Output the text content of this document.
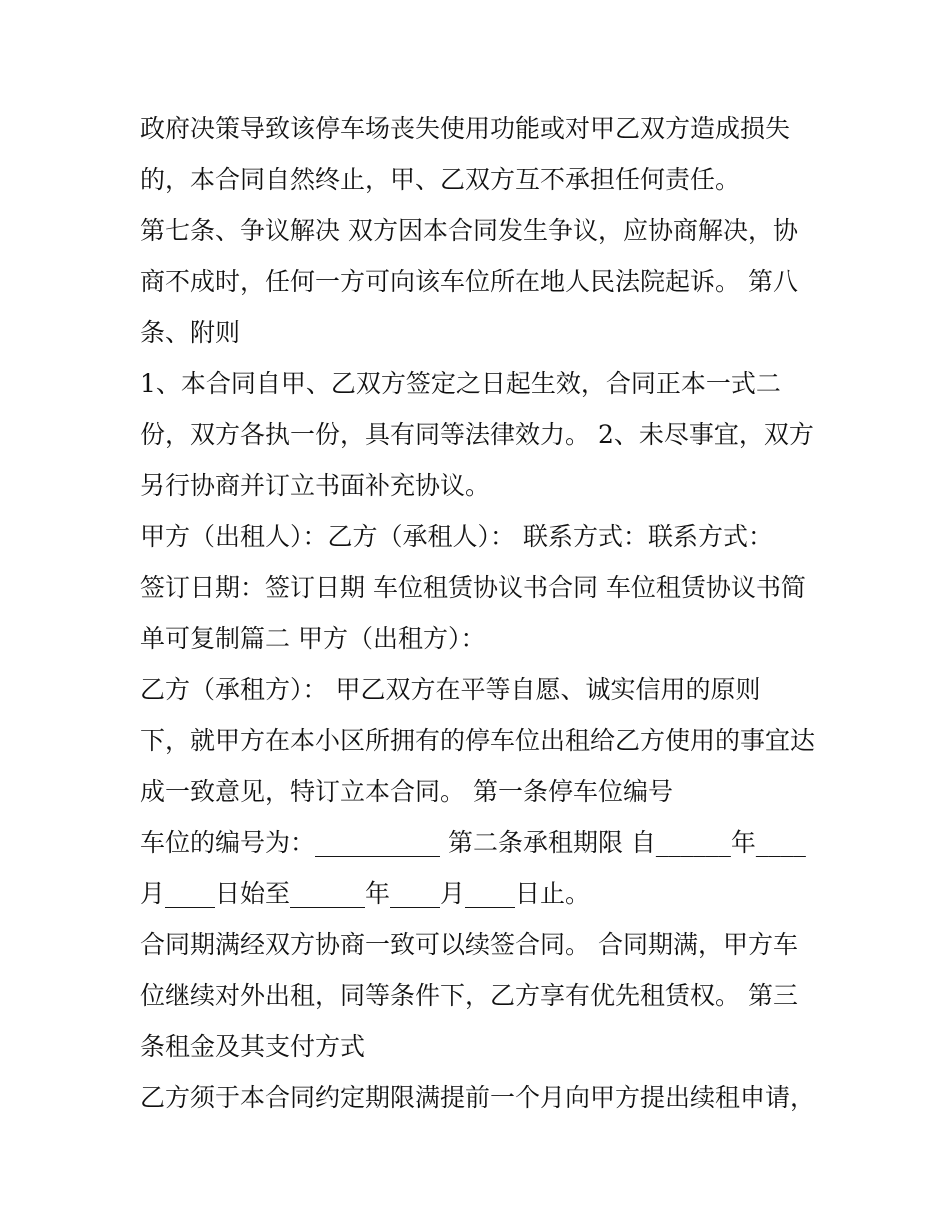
政府决策导致该停车场丧失使用功能或对甲乙双方造成损失
的，本合同自然终止，甲、乙双方互不承担任何责任。
第七条、争议解决 双方因本合同发生争议，应协商解决，协
商不成时，任何一方可向该车位所在地人民法院起诉。 第八
条、附则
1、本合同自甲、乙双方签定之日起生效，合同正本一式二
份，双方各执一份，具有同等法律效力。 2、未尽事宜，双方
另行协商并订立书面补充协议。
甲方（出租人）：乙方（承租人）： 联系方式：联系方式：
签订日期：签订日期 车位租赁协议书合同 车位租赁协议书简
单可复制篇二 甲方（出租方）：
乙方（承租方）： 甲乙双方在平等自愿、诚实信用的原则
下，就甲方在本小区所拥有的停车位出租给乙方使用的事宜达
成一致意见，特订立本合同。 第一条停车位编号
车位的编号为：__________ 第二条承租期限 自______年____
月____日始至______年____月____日止。
合同期满经双方协商一致可以续签合同。 合同期满，甲方车
位继续对外出租，同等条件下，乙方享有优先租赁权。 第三
条租金及其支付方式
乙方须于本合同约定期限满提前一个月向甲方提出续租申请，
